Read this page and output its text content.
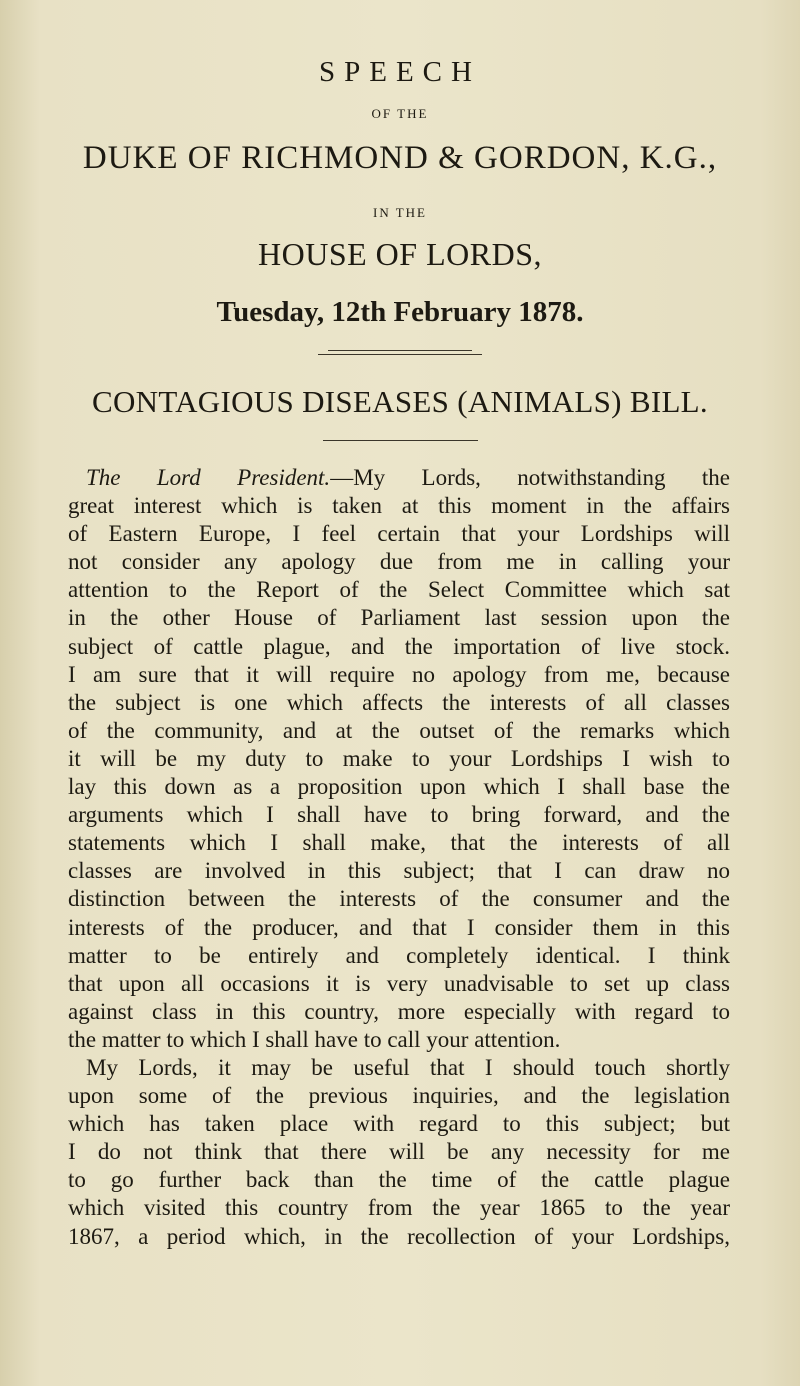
SPEECH
OF THE
DUKE OF RICHMOND & GORDON, K.G.,
IN THE
HOUSE OF LORDS,
Tuesday, 12th February 1878.
CONTAGIOUS DISEASES (ANIMALS) BILL.
The Lord President.—My Lords, notwithstanding the
great interest which is taken at this moment in the affairs
of Eastern Europe, I feel certain that your Lordships will
not consider any apology due from me in calling your
attention to the Report of the Select Committee which sat
in the other House of Parliament last session upon the
subject of cattle plague, and the importation of live stock.
I am sure that it will require no apology from me, because
the subject is one which affects the interests of all classes
of the community, and at the outset of the remarks which
it will be my duty to make to your Lordships I wish to
lay this down as a proposition upon which I shall base the
arguments which I shall have to bring forward, and the
statements which I shall make, that the interests of all
classes are involved in this subject; that I can draw no
distinction between the interests of the consumer and the
interests of the producer, and that I consider them in this
matter to be entirely and completely identical. I think
that upon all occasions it is very unadvisable to set up class
against class in this country, more especially with regard to
the matter to which I shall have to call your attention.
My Lords, it may be useful that I should touch shortly
upon some of the previous inquiries, and the legislation
which has taken place with regard to this subject; but
I do not think that there will be any necessity for me
to go further back than the time of the cattle plague
which visited this country from the year 1865 to the year
1867, a period which, in the recollection of your Lordships,
